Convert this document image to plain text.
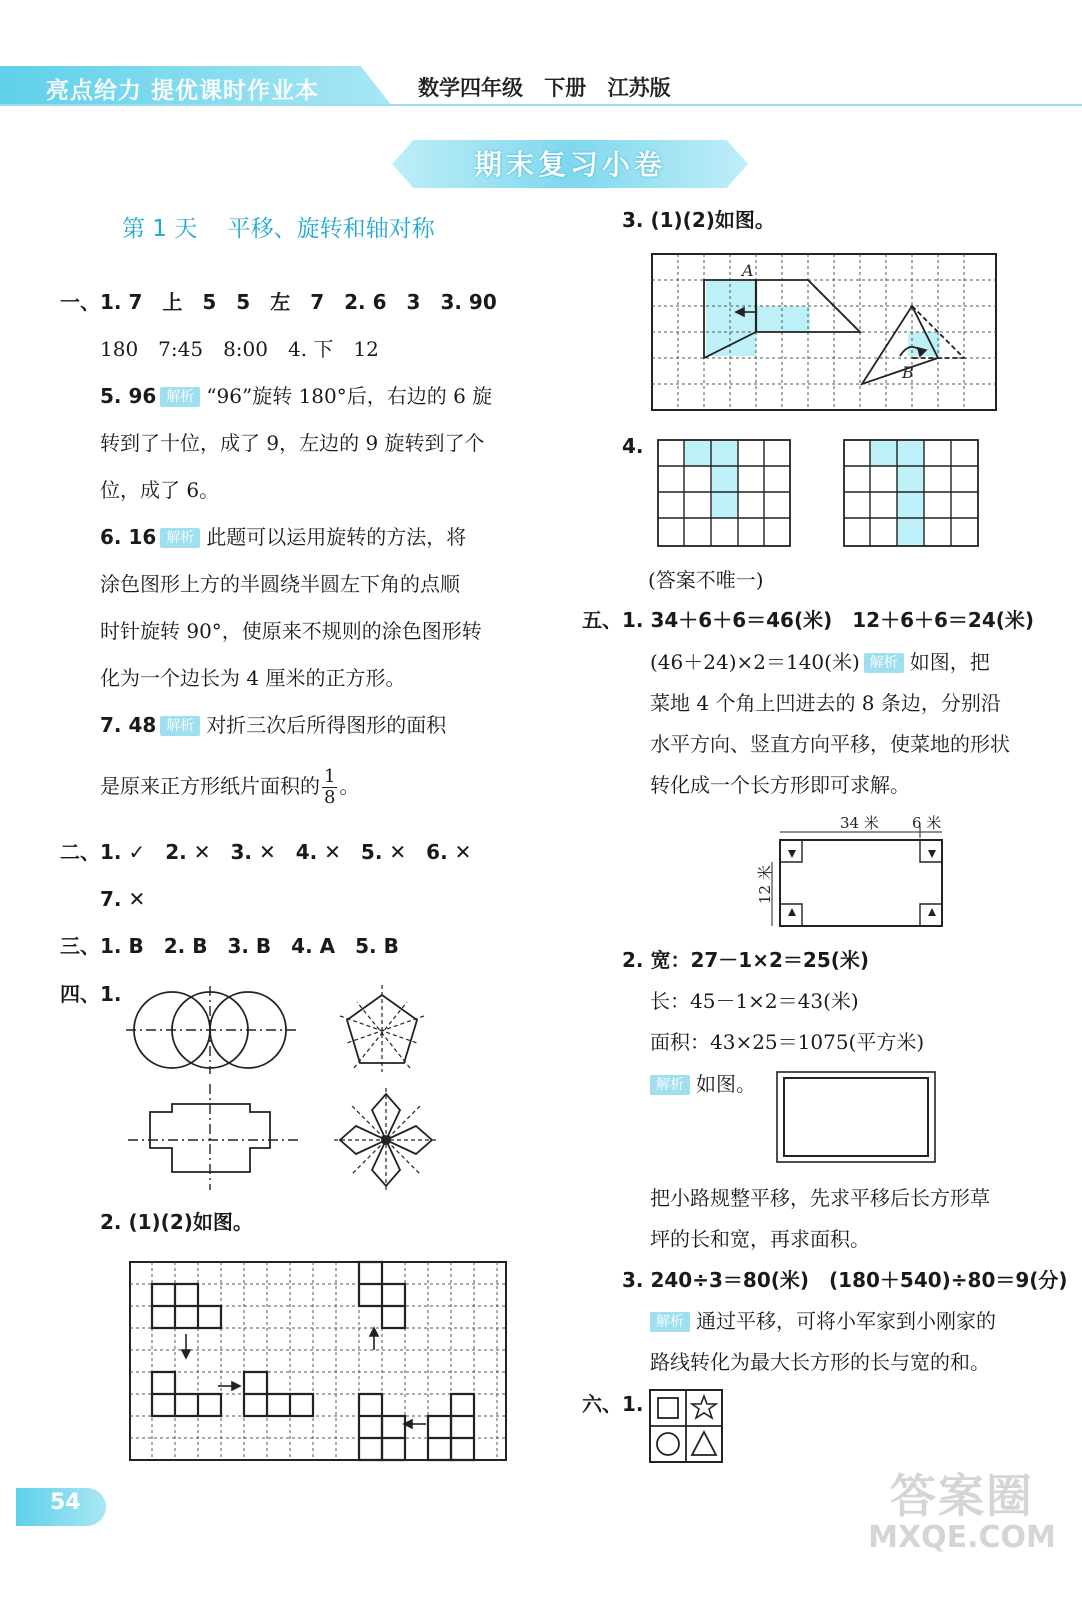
亮点给力 提优课时作业本	数学四年级 下册 江苏版
期末复习小卷
第 1 天　 平移、旋转和轴对称
一、1. 7　上　5　5　左　7　2. 6　3　3. 90
180　7:45　8:00　4. 下　12
5. 96 解析 “96”旋转 180°后，右边的 6 旋
转到了十位，成了 9，左边的 9 旋转到了个
位，成了 6。
6. 16 解析 此题可以运用旋转的方法，将
涂色图形上方的半圆绕半圆左下角的点顺
时针旋转 90°，使原来不规则的涂色图形转
化为一个边长为 4 厘米的正方形。
7. 48 解析 对折三次后所得图形的面积
是原来正方形纸片面积的 $\frac{1}{8}$ 。
二、1. ✓　2. ✕　3. ✕　4. ✕　5. ✕　6. ✕
7. ✕
三、1. B　2. B　3. B　4. A　5. B
四、1.
2. (1)(2)如图。
3. (1)(2)如图。
A
B
4.
(答案不唯一)
五、1. 34＋6＋6＝46(米)　12＋6＋6＝24(米)
(46＋24)×2＝140(米) 解析 如图，把
菜地 4 个角上凹进去的 8 条边，分别沿
水平方向、竖直方向平移，使菜地的形状
转化成一个长方形即可求解。
34 米 6 米
12 米
2. 宽：27－1×2＝25(米)
长：45－1×2＝43(米)
面积：43×25＝1075(平方米)
解析 如图。
把小路规整平移，先求平移后长方形草
坪的长和宽，再求面积。
3. 240÷3＝80(米)　(180＋540)÷80＝9(分)
解析 通过平移，可将小军家到小刚家的
路线转化为最大长方形的长与宽的和。
六、1.
54	答案圈
MXQE.COM
